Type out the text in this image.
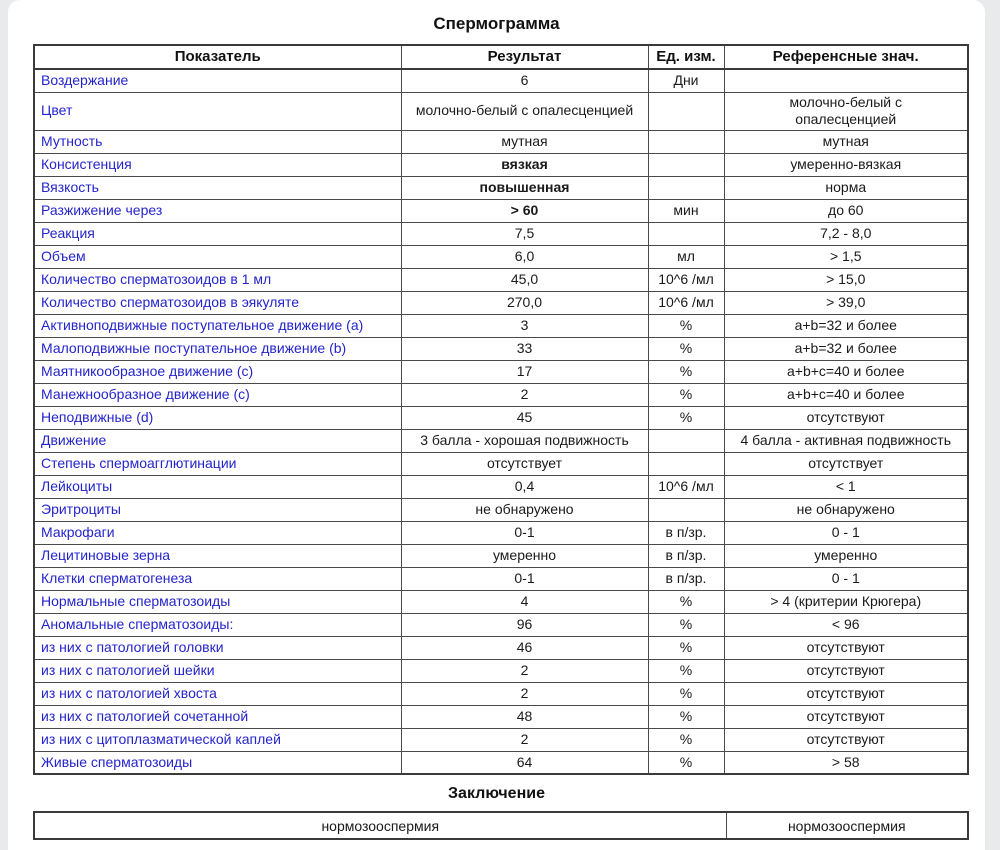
Спермограмма
Показатель	Результат	Ед. изм.	Референсные знач.
Воздержание	6	Дни	
Цвет	молочно-белый с опалесценцией		молочно-белый с опалесценцией
Мутность	мутная		мутная
Консистенция	вязкая		умеренно-вязкая
Вязкость	повышенная		норма
Разжижение через	> 60	мин	до 60
Реакция	7,5		7,2 - 8,0
Объем	6,0	мл	> 1,5
Количество сперматозоидов в 1 мл	45,0	10^6 /мл	> 15,0
Количество сперматозоидов в эякуляте	270,0	10^6 /мл	> 39,0
Активноподвижные поступательное движение (a)	3	%	a+b=32 и более
Малоподвижные поступательное движение (b)	33	%	a+b=32 и более
Маятникообразное движение (c)	17	%	a+b+c=40 и более
Манежнообразное движение (c)	2	%	a+b+c=40 и более
Неподвижные (d)	45	%	отсутствуют
Движение	3 балла - хорошая подвижность		4 балла - активная подвижность
Степень спермоагглютинации	отсутствует		отсутствует
Лейкоциты	0,4	10^6 /мл	< 1
Эритроциты	не обнаружено		не обнаружено
Макрофаги	0-1	в п/зр.	0 - 1
Лецитиновые зерна	умеренно	в п/зр.	умеренно
Клетки сперматогенеза	0-1	в п/зр.	0 - 1
Нормальные сперматозоиды	4	%	> 4 (критерии Крюгера)
Аномальные сперматозоиды:	96	%	< 96
из них с патологией головки	46	%	отсутствуют
из них с патологией шейки	2	%	отсутствуют
из них с патологией хвоста	2	%	отсутствуют
из них с патологией сочетанной	48	%	отсутствуют
из них с цитоплазматической каплей	2	%	отсутствуют
Живые сперматозоиды	64	%	> 58
Заключение
нормозооспермия	нормозооспермия
